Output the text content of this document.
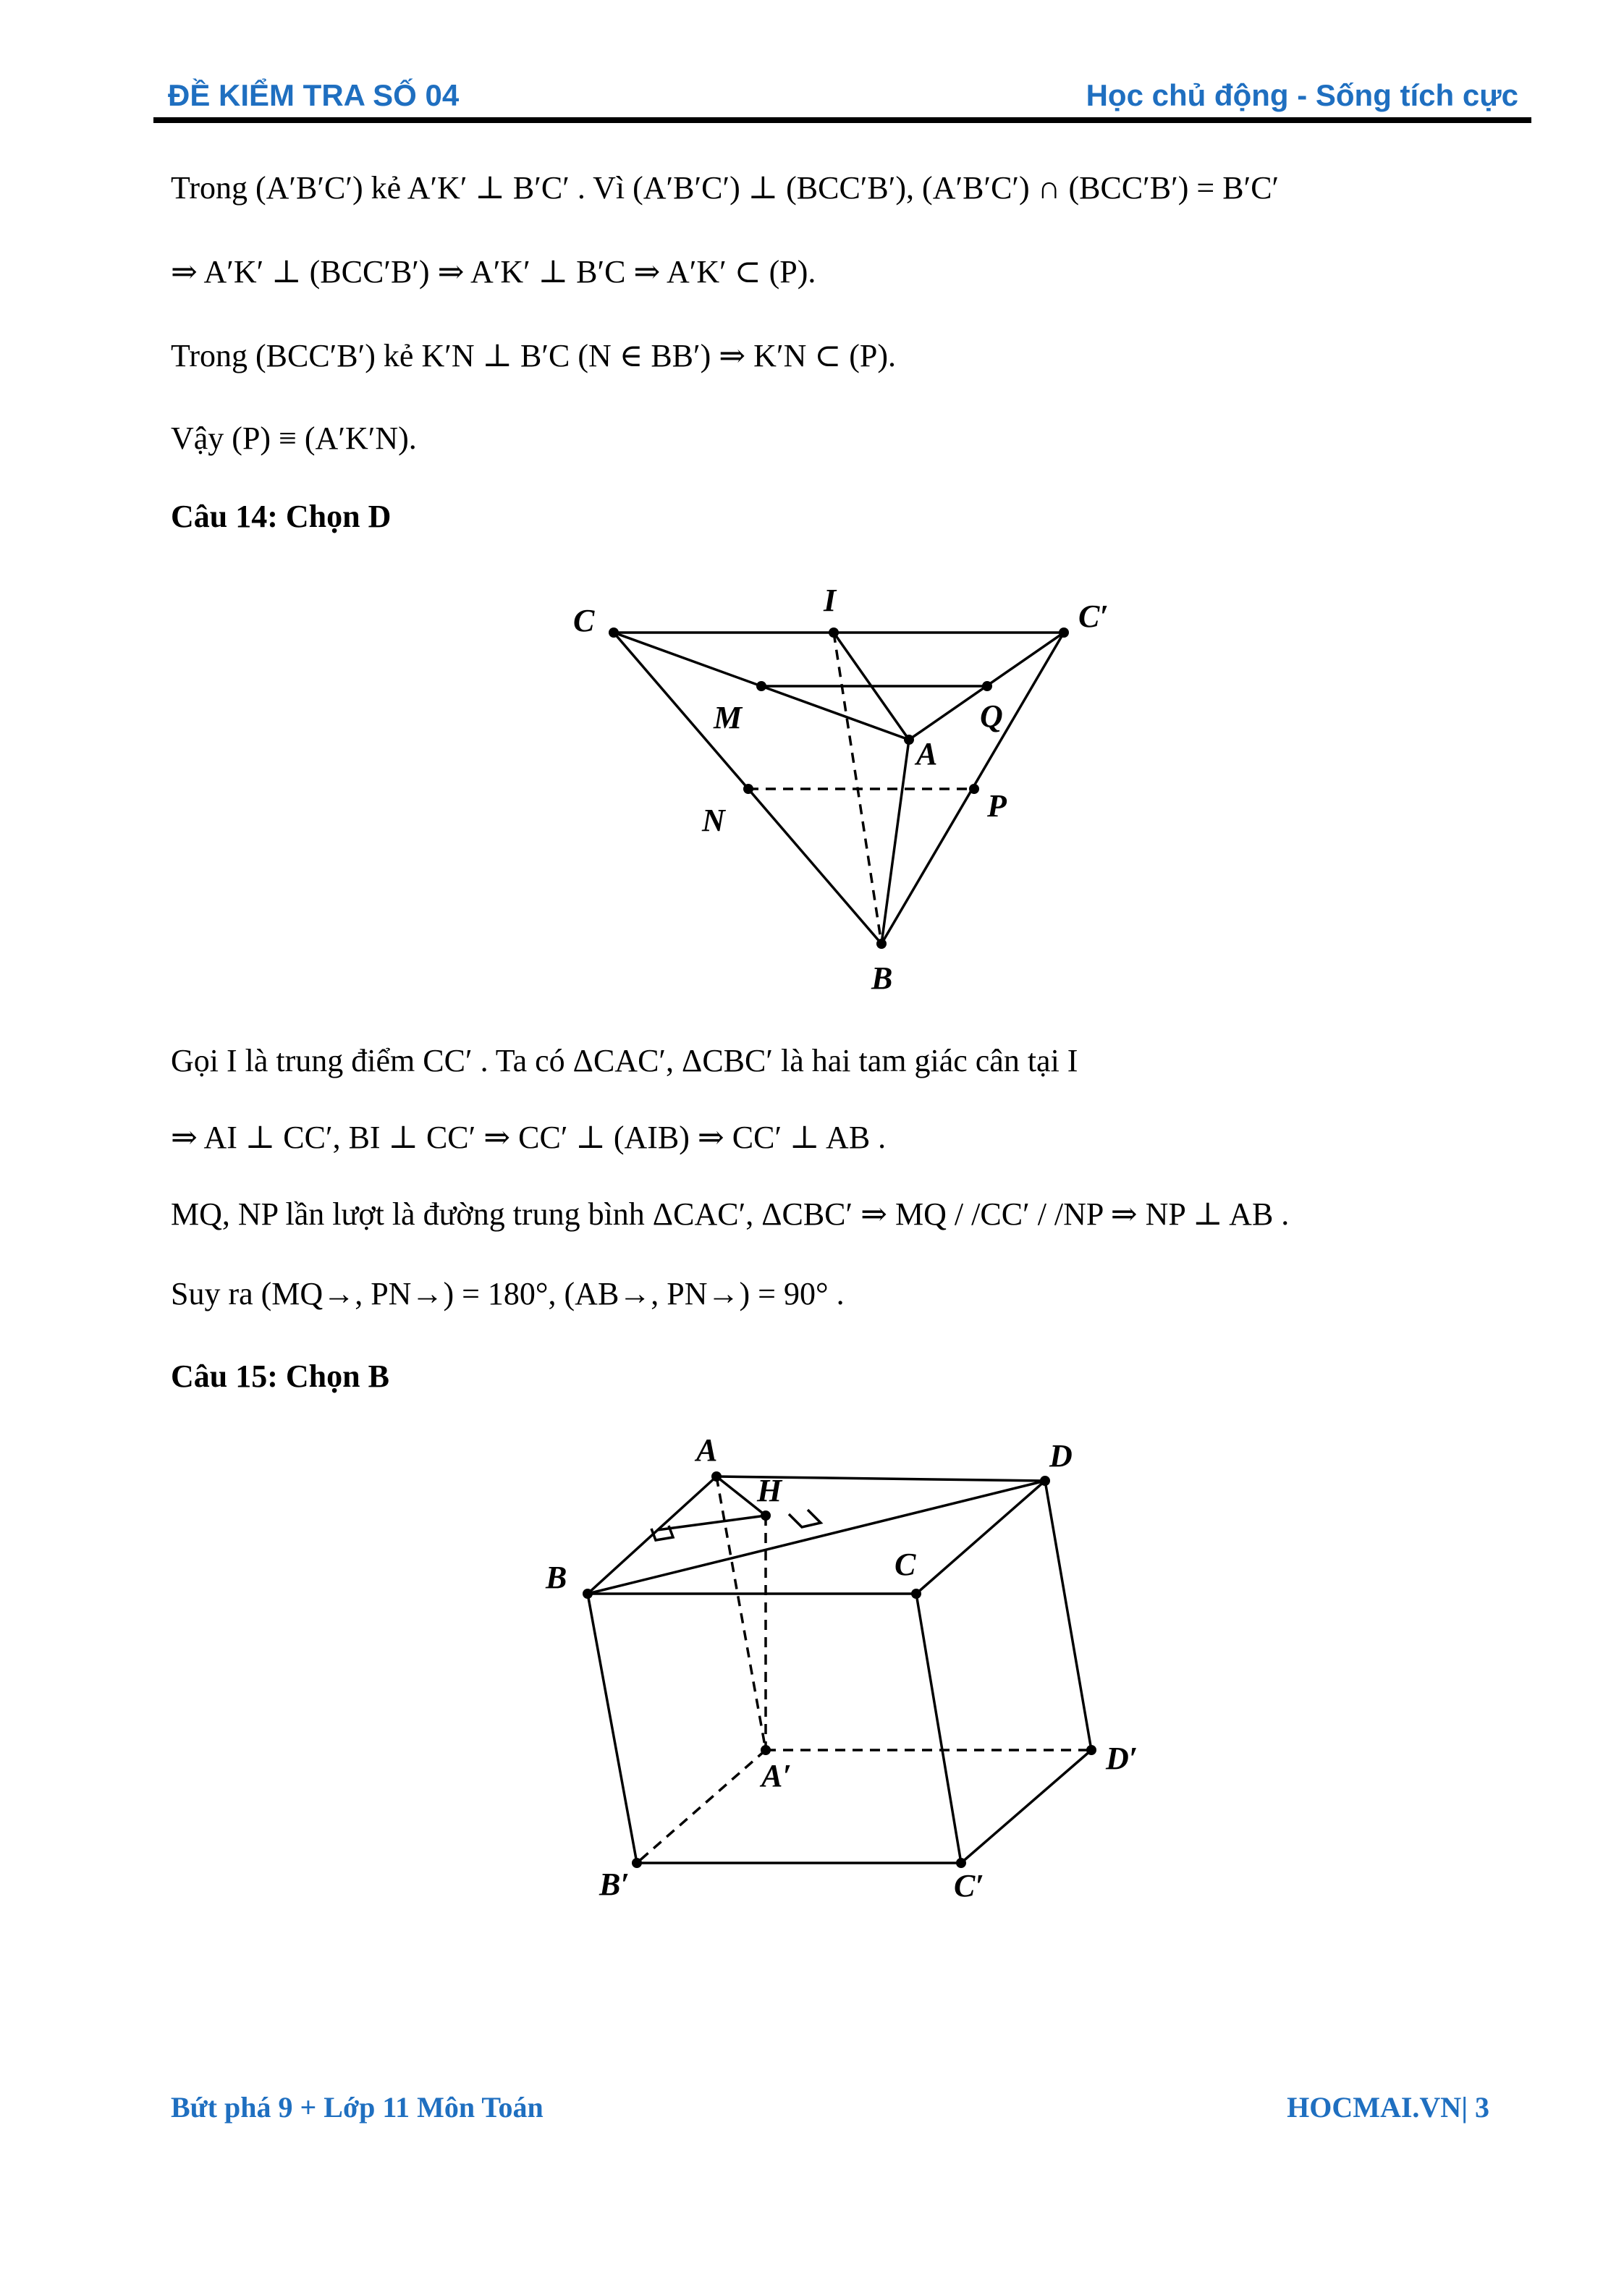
ĐỀ KIỂM TRA SỐ 04	Học chủ động - Sống tích cực
Trong (A′B′C′) kẻ A′K′ ⊥ B′C′ . Vì (A′B′C′) ⊥ (BCC′B′), (A′B′C′) ∩ (BCC′B′) = B′C′
⇒ A′K′ ⊥ (BCC′B′) ⇒ A′K′ ⊥ B′C ⇒ A′K′ ⊂ (P).
Trong (BCC′B′) kẻ K′N ⊥ B′C (N ∈ BB′) ⇒ K′N ⊂ (P).
Vậy (P) ≡ (A′K′N).
Câu 14: Chọn D
C
I	C′
M	Q
A
N	P
B
Gọi I là trung điểm CC′ . Ta có ΔCAC′, ΔCBC′ là hai tam giác cân tại I
⇒ AI ⊥ CC′, BI ⊥ CC′ ⇒ CC′ ⊥ (AIB) ⇒ CC′ ⊥ AB .
MQ, NP lần lượt là đường trung bình ΔCAC′, ΔCBC′ ⇒ MQ / /CC′ / /NP ⇒ NP ⊥ AB .
Suy ra (MQ→, PN→) = 180°, (AB→, PN→) = 90° .
Câu 15: Chọn B
A
H
D
B	C
A′	D′
B′	C′
Bứt phá 9 + Lớp 11 Môn Toán	HOCMAI.VN| 3
